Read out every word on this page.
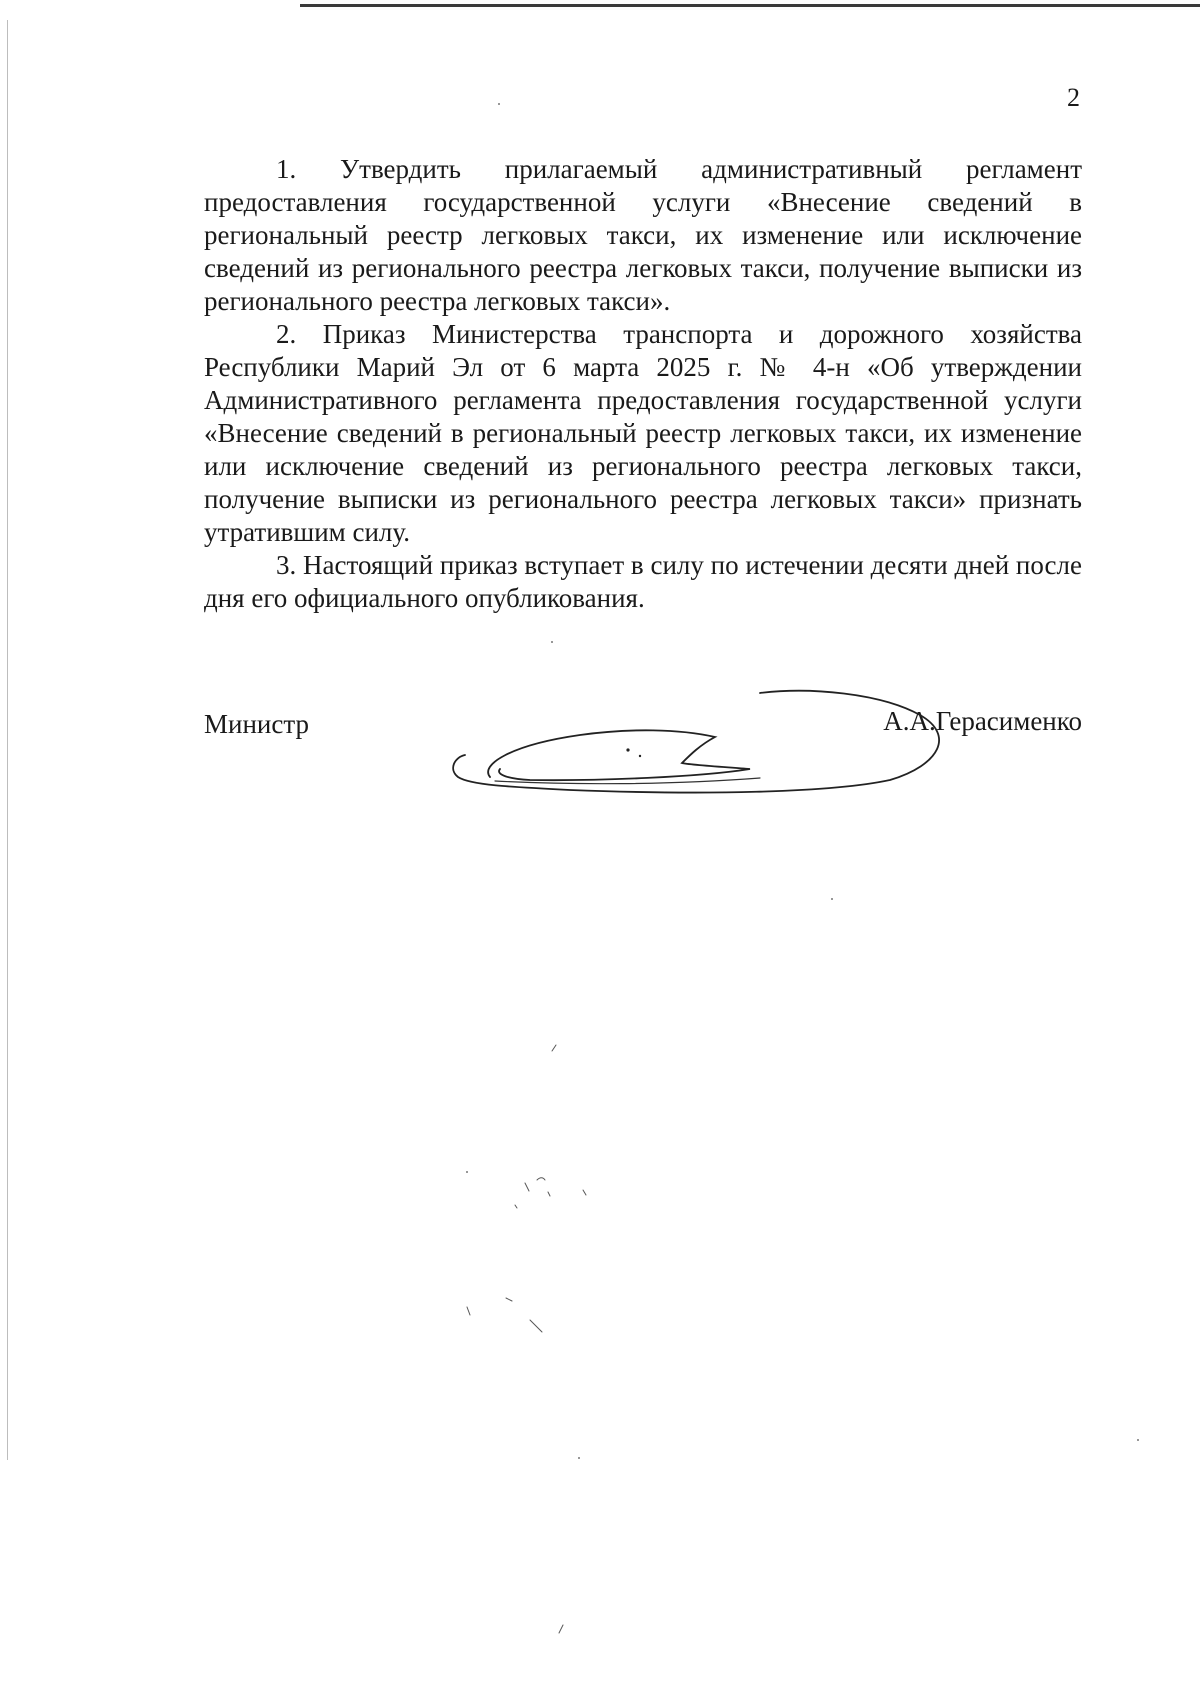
2

1. Утвердить прилагаемый административный регламент предоставления государственной услуги «Внесение сведений в региональный реестр легковых такси, их изменение или исключение сведений из регионального реестра легковых такси, получение выписки из регионального реестра легковых такси».

2. Приказ Министерства транспорта и дорожного хозяйства Республики Марий Эл от 6 марта 2025 г. № 4-н «Об утверждении Административного регламента предоставления государственной услуги «Внесение сведений в региональный реестр легковых такси, их изменение или исключение сведений из регионального реестра легковых такси, получение выписки из регионального реестра легковых такси» признать утратившим силу.

3. Настоящий приказ вступает в силу по истечении десяти дней после дня его официального опубликования.

Министр	А.А.Герасименко
